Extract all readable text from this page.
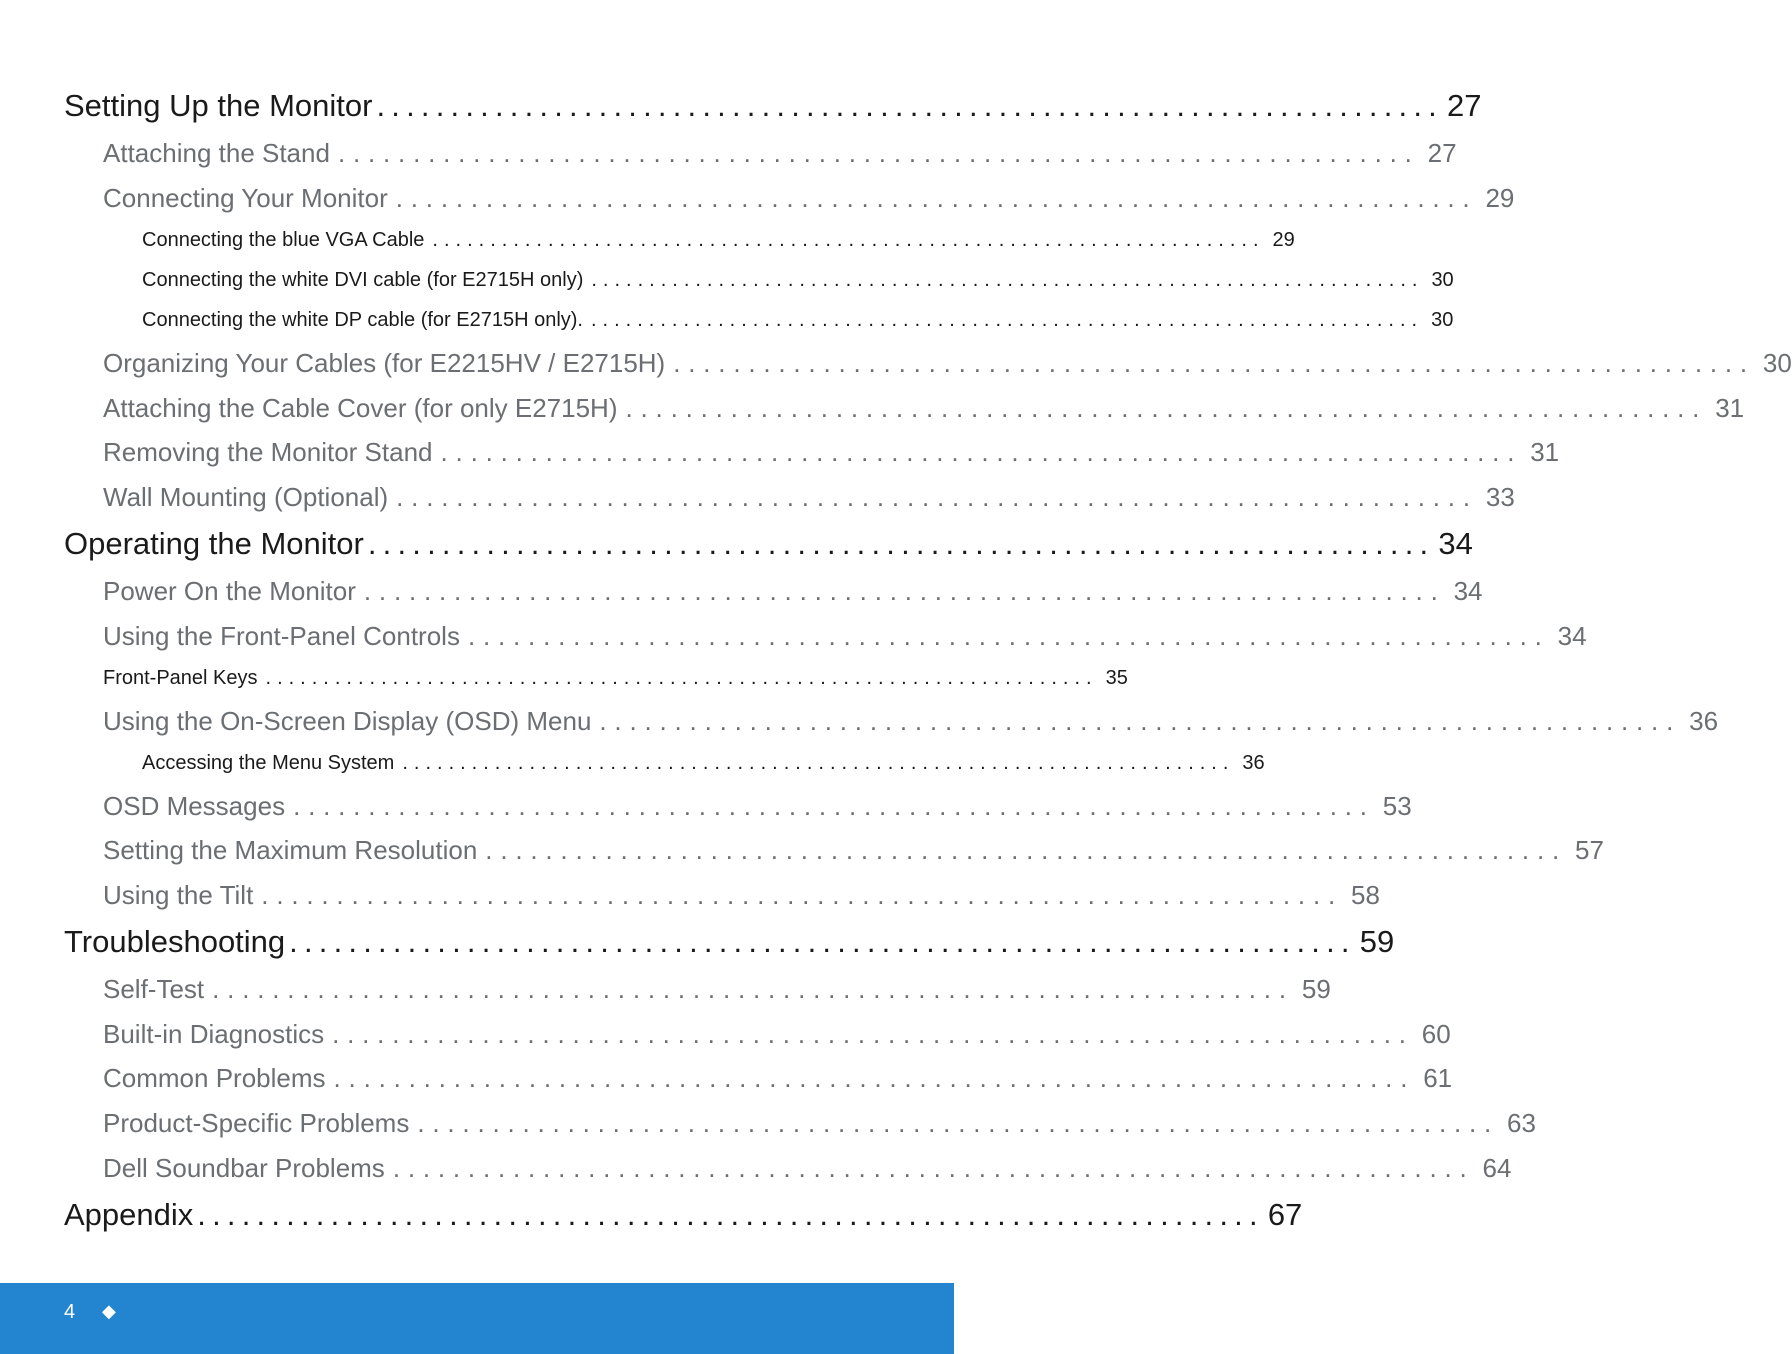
Setting Up the Monitor ........................................................................ 27
Attaching the Stand ........................................................................ 27
Connecting Your Monitor ........................................................................ 29
Connecting the blue VGA Cable ........................................................................ 29
Connecting the white DVI cable (for E2715H only) ........................................................................ 30
Connecting the white DP cable (for E2715H only). ........................................................................ 30
Organizing Your Cables (for E2215HV / E2715H) ........................................................................ 30
Attaching the Cable Cover (for only E2715H) ........................................................................ 31
Removing the Monitor Stand ........................................................................ 31
Wall Mounting (Optional) ........................................................................ 33
Operating the Monitor ........................................................................ 34
Power On the Monitor ........................................................................ 34
Using the Front-Panel Controls ........................................................................ 34
Front-Panel Keys ........................................................................ 35
Using the On-Screen Display (OSD) Menu ........................................................................ 36
Accessing the Menu System ........................................................................ 36
OSD Messages ........................................................................ 53
Setting the Maximum Resolution ........................................................................ 57
Using the Tilt ........................................................................ 58
Troubleshooting ........................................................................ 59
Self-Test ........................................................................ 59
Built-in Diagnostics ........................................................................ 60
Common Problems ........................................................................ 61
Product-Specific Problems ........................................................................ 63
Dell Soundbar Problems ........................................................................ 64
Appendix ........................................................................ 67
4 ◆
